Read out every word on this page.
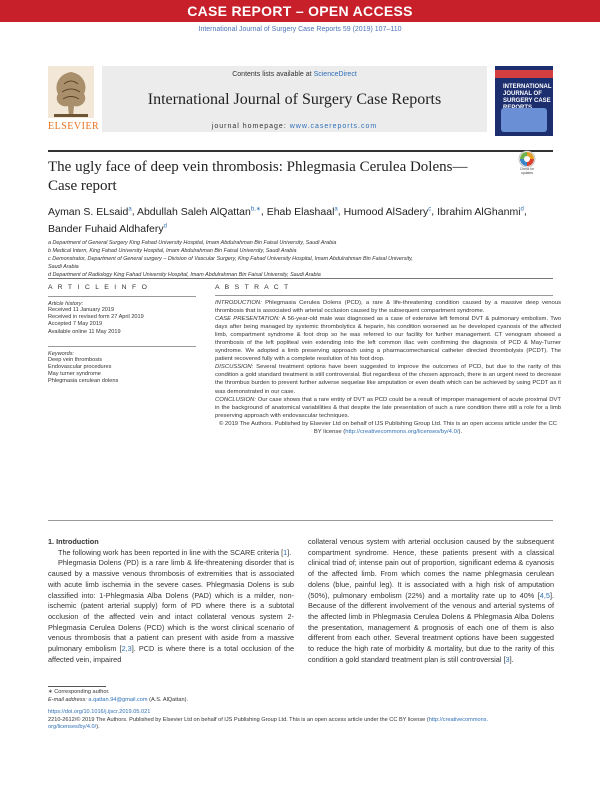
CASE REPORT – OPEN ACCESS
International Journal of Surgery Case Reports 59 (2019) 107–110
ELSEVIER
Contents lists available at ScienceDirect
International Journal of Surgery Case Reports
journal homepage: www.casereports.com
INTERNATIONAL JOURNAL OF SURGERY CASE
The ugly face of deep vein thrombosis: Phlegmasia Cerulea Dolens—Case report
Check for updates
Ayman S. ELsaid$^a$, Abdullah Saleh AlQattan$^{b,∗}$, Ehab Elashaal$^a$, Humood AlSadery$^c$, Ibrahim AlGhanmi$^d$, Bander Fuhaid Aldhafery$^d$

a Department of General Surgery King Fahad University Hospital, Imam Abdulrahman Bin Faisal University, Saudi Arabia

b Medical Intern, King Fahad University Hospital, Imam Abdulrahman Bin Faisal University, Saudi Arabia

c Demonstrator, Department of General surgery – Division of Vascular Surgery, King Fahad University Hospital, Imam Abdulrahman Bin Faisal University,

Saudi Arabia

d Department of Radiology King Fahad University Hospital, Imam Abdulrahman Bin Faisal University, Saudi Arabia

A R T I C L E I N F O
Article history:
Received 11 January 2019
Received in revised form 27 April 2019
Accepted 7 May 2019
Available online 11 May 2019
Keywords:
Deep vein thrombosis
Endovascular procedures
May turner syndrome
Phlegmasia cerulean dolens
A B S T R A C T

INTRODUCTION: Phlegmasia Cerulea Dolens (PCD), a rare & life-threatening condition caused by a massive deep venous thrombosis that is associated with arterial occlusion caused by the subsequent compartment syndrome.

CASE PRESENTATION: A 56-year-old male was diagnosed as a case of extensive left femoral DVT & pulmonary embolism. Two days after being managed by systemic thrombolytics & heparin, his condition worsened as he developed cyanosis of the affected limb, compartment syndrome & foot drop so he was referred to our facility for further management. CT venogram showed a thrombosis of the left popliteal vein extending into the left common iliac vein confirming the diagnosis of PCD & May-Turner syndrome. We adopted a limb preserving approach using a pharmacomechanical catheter directed thrombolysis (PCDT). The patient recovered fully with a complete resolution of his foot drop.

DISCUSSION: Several treatment options have been suggested to improve the outcomes of PCD, but due to the rarity of this condition a gold standard treatment is still controversial. But regardless of the chosen approach, there is an urgent need to decrease the thrombus burden to prevent further adverse sequelae like amputation or even death which can be achieved by using PCDT as it was demonstrated in our case.

CONCLUSION: Our case shows that a rare entity of DVT as PCD could be a result of improper management of acute proximal DVT in the background of anatomical variabilities & that despite the late presentation of such a rare condition there still a role for a limb preserving approach with endovascular techniques.

© 2019 The Authors. Published by Elsevier Ltd on behalf of IJS Publishing Group Ltd. This is an open access article under the CC BY license (http://creativecommons.org/licenses/by/4.0/).

1. Introduction

The following work has been reported in line with the SCARE criteria [1].

Phlegmasia Dolens (PD) is a rare limb & life-threatening disorder that is caused by a massive venous thrombosis of extremities that is associated with acute limb ischemia in the severe cases. Phlegmasia Dolens is sub classified into: 1-Phlegmasia Alba Dolens (PAD) which is a milder, non-ischemic (patent arterial supply) form of PD where there is a subtotal occlusion of the affected vein and intact collateral venous system 2-Phlegmasia Cerulea Dolens (PCD) which is the worst clinical scenario of venous thrombosis that a patient can present with aside from a massive pulmonary embolism [2,3]. PCD is where there is a total occlusion of the affected vein, impaired

collateral venous system with arterial occlusion caused by the subsequent compartment syndrome. Hence, these patients present with a classical clinical triad of; intense pain out of proportion, significant edema & cyanosis of the affected limb. From which comes the name phlegmasia cerulean dolens (blue, painful leg). It is associated with a high risk of amputation (50%), pulmonary embolism (22%) and a mortality rate up to 40% [4,5]. Because of the different involvement of the venous and arterial systems of the affected limb in Phlegmasia Cerulea Dolens & Phlegmasia Alba Dolens the presentation, management & prognosis of each one of them is also different from each other. Several treatment options have been suggested to reduce the high rate of morbidity & mortality, but due to the rarity of this condition a gold standard treatment plan is still controversial [3].

∗ Corresponding author.
E-mail address: a.qattan.94@gmail.com (A.S. AlQattan).
https://doi.org/10.1016/j.ijscr.2019.05.021
2210-2612/© 2019 The Authors. Published by Elsevier Ltd on behalf of IJS Publishing Group Ltd. This is an open access article under the CC BY license (http://creativecommons.
org/licenses/by/4.0/).
